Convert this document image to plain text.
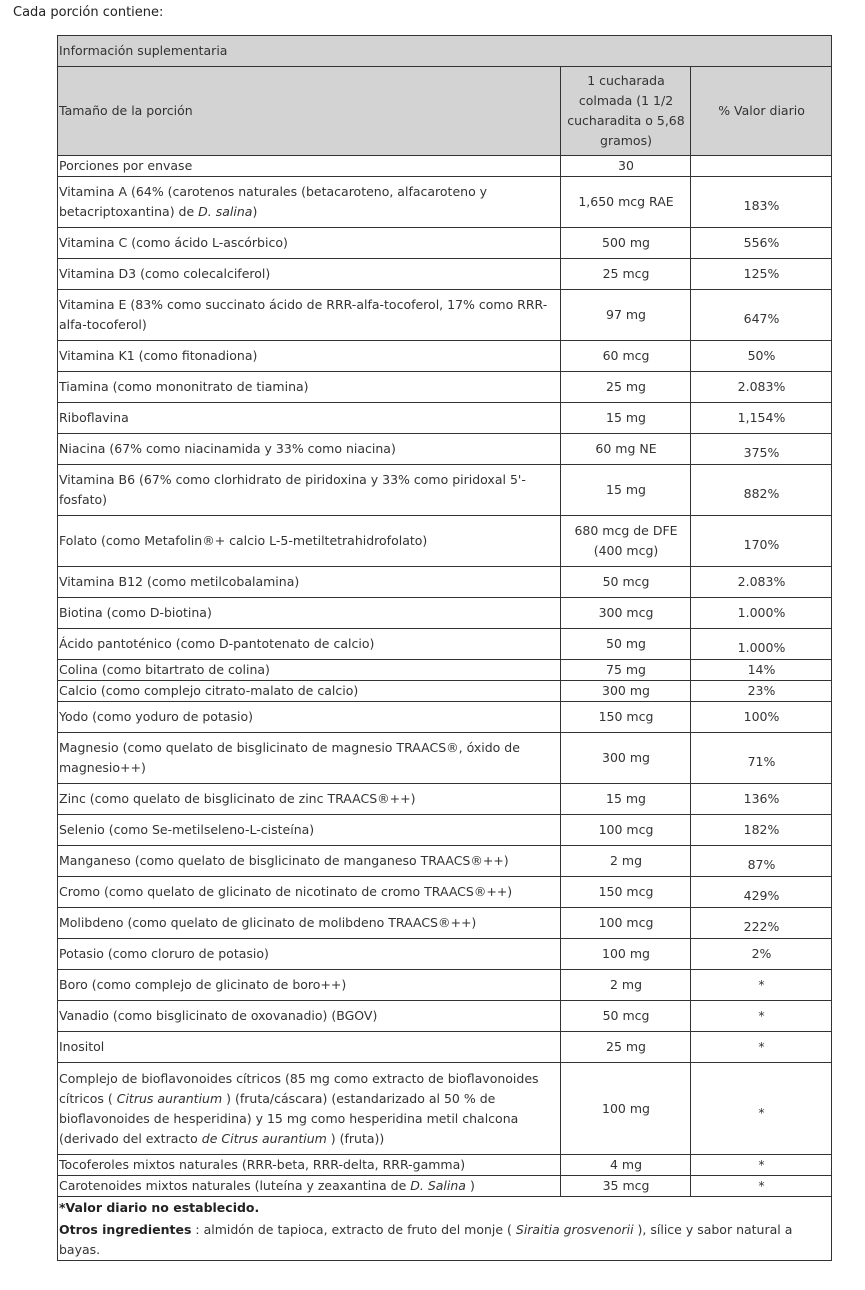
Cada porción contiene:

Información suplementaria		
Tamaño de la porción	1 cucharada colmada (1 1/2 cucharadita o 5,68 gramos)	% Valor diario
Porciones por envase	30	
Vitamina A (64% (carotenos naturales (betacaroteno, alfacaroteno y betacriptoxantina) de D. salina)	1,650 mcg RAE	183%
Vitamina C (como ácido L-ascórbico)	500 mg	556%
Vitamina D3 (como colecalciferol)	25 mcg	125%
Vitamina E (83% como succinato ácido de RRR-alfa-tocoferol, 17% como RRR-alfa-tocoferol)	97 mg	647%
Vitamina K1 (como fitonadiona)	60 mcg	50%
Tiamina (como mononitrato de tiamina)	25 mg	2.083%
Riboflavina	15 mg	1,154%
Niacina (67% como niacinamida y 33% como niacina)	60 mg NE	375%
Vitamina B6 (67% como clorhidrato de piridoxina y 33% como piridoxal 5'-fosfato)	15 mg	882%
Folato (como Metafolin®+ calcio L-5-metiltetrahidrofolato)	680 mcg de DFE (400 mcg)	170%
Vitamina B12 (como metilcobalamina)	50 mcg	2.083%
Biotina (como D-biotina)	300 mcg	1.000%
Ácido pantoténico (como D-pantotenato de calcio)	50 mg	1.000%
Colina (como bitartrato de colina)	75 mg	14%
Calcio (como complejo citrato-malato de calcio)	300 mg	23%
Yodo (como yoduro de potasio)	150 mcg	100%
Magnesio (como quelato de bisglicinato de magnesio TRAACS®, óxido de magnesio++)	300 mg	71%
Zinc (como quelato de bisglicinato de zinc TRAACS®++)	15 mg	136%
Selenio (como Se-metilseleno-L-cisteína)	100 mcg	182%
Manganeso (como quelato de bisglicinato de manganeso TRAACS®++)	2 mg	87%
Cromo (como quelato de glicinato de nicotinato de cromo TRAACS®++)	150 mcg	429%
Molibdeno (como quelato de glicinato de molibdeno TRAACS®++)	100 mcg	222%
Potasio (como cloruro de potasio)	100 mg	2%
Boro (como complejo de glicinato de boro++)	2 mg	*
Vanadio (como bisglicinato de oxovanadio) (BGOV)	50 mcg	*
Inositol	25 mg	*
Complejo de bioflavonoides cítricos (85 mg como extracto de bioflavonoides cítricos ( Citrus aurantium ) (fruta/cáscara) (estandarizado al 50 % de bioflavonoides de hesperidina) y 15 mg como hesperidina metil chalcona (derivado del extracto de Citrus aurantium ) (fruta))	100 mg	*
Tocoferoles mixtos naturales (RRR-beta, RRR-delta, RRR-gamma)	4 mg	*
Carotenoides mixtos naturales (luteína y zeaxantina de D. Salina )	35 mcg	*
*Valor diario no establecido.		
Otros ingredientes : almidón de tapioca, extracto de fruto del monje ( Siraitia grosvenorii ), sílice y sabor natural a bayas.		
